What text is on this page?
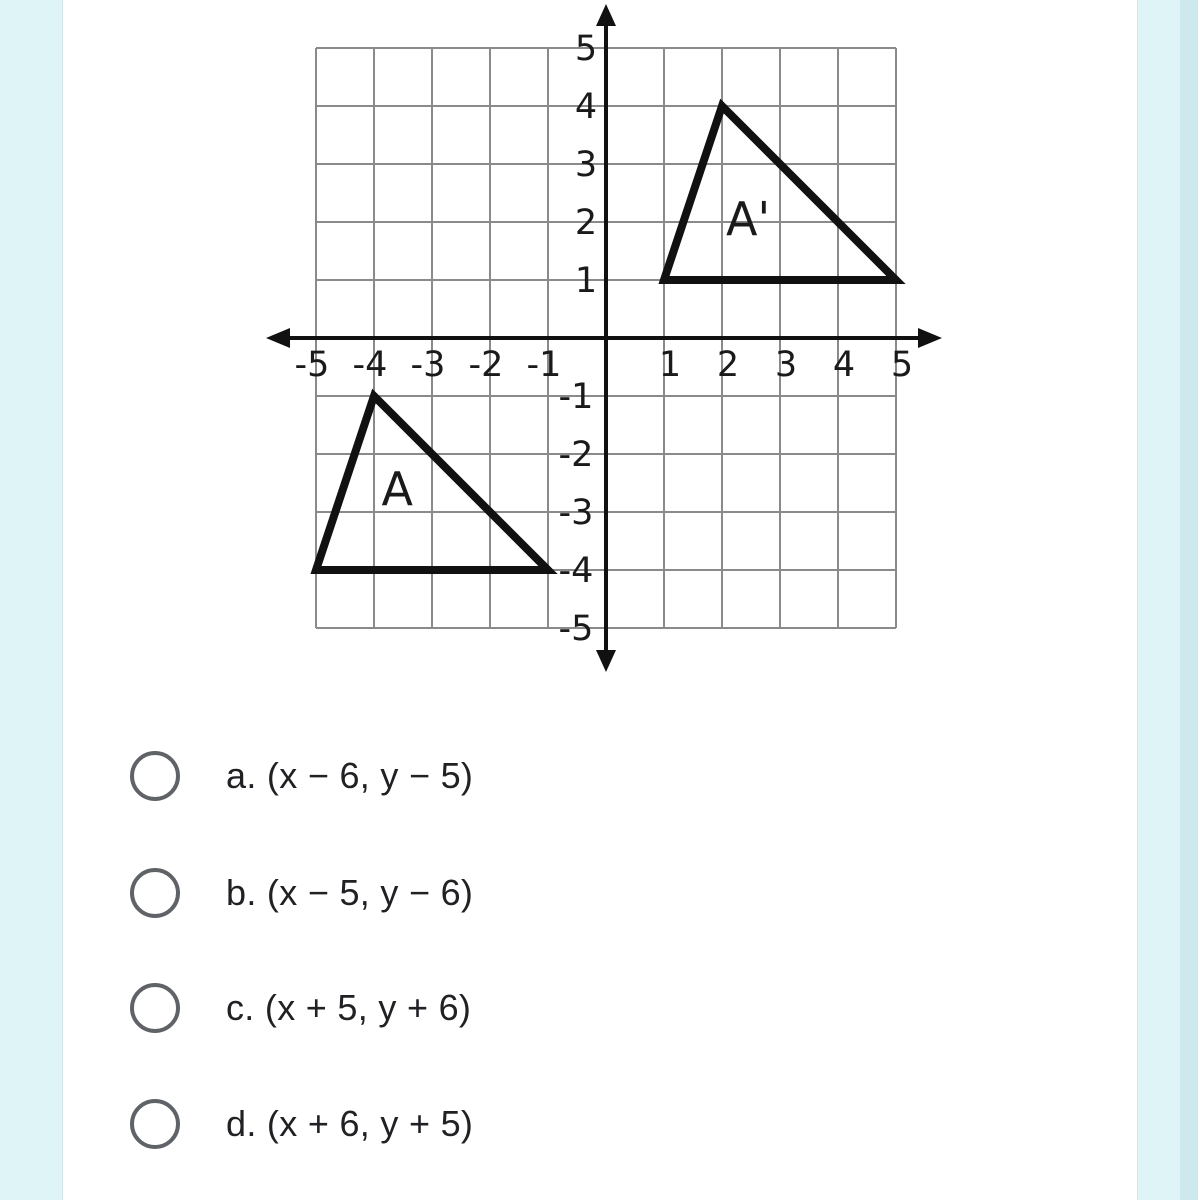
-5 -4 -3 -2 -1	1 2 3 4 5
5
4
3
2
1
-1
-2
-3
-4
-5
A
A'
a. (x − 6, y − 5)
b. (x − 5, y − 6)
c. (x + 5, y + 6)
d. (x + 6, y + 5)
